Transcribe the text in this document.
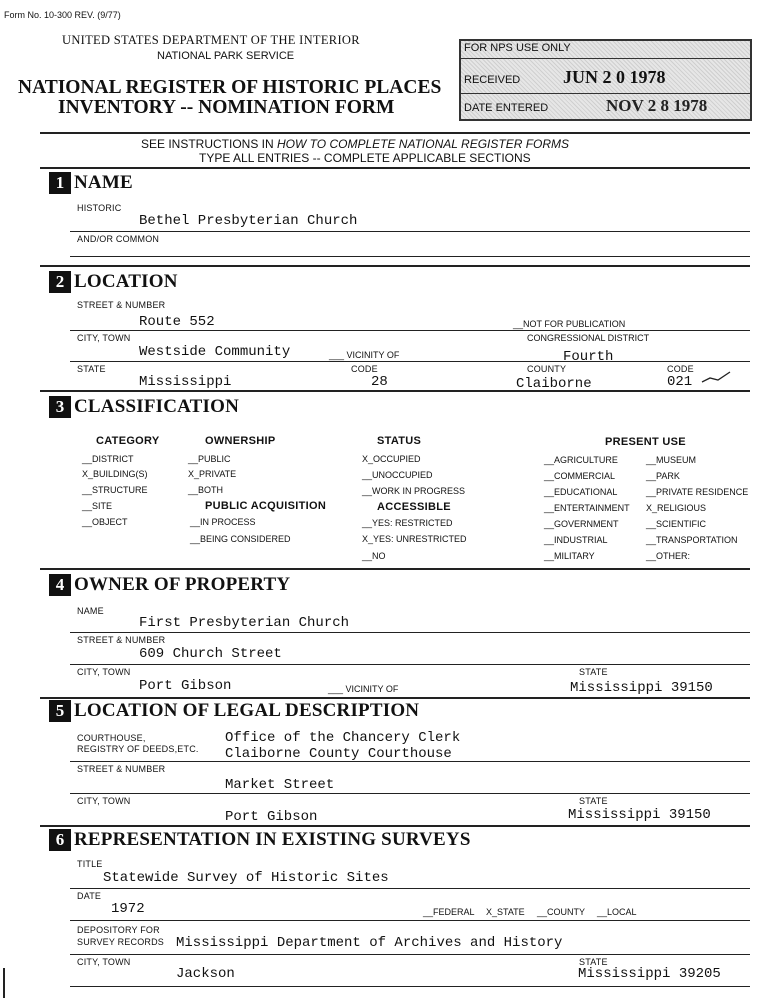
Form No. 10-300 REV. (9/77)
UNITED STATES DEPARTMENT OF THE INTERIOR
NATIONAL PARK SERVICE
NATIONAL REGISTER OF HISTORIC PLACES
INVENTORY -- NOMINATION FORM
FOR NPS USE ONLY
RECEIVED JUN 2 0 1978
DATE ENTERED	NOV 2 8 1978
SEE INSTRUCTIONS IN HOW TO COMPLETE NATIONAL REGISTER FORMS
TYPE ALL ENTRIES -- COMPLETE APPLICABLE SECTIONS
1 NAME
HISTORIC
Bethel Presbyterian Church
AND/OR COMMON
2 LOCATION
STREET & NUMBER
Route 552	__NOT FOR PUBLICATION
CITY, TOWN	CONGRESSIONAL DISTRICT
Westside Community	___ VICINITY OF	Fourth
STATE	CODE	COUNTY	CODE
Mississippi	28	Claiborne	021
3 CLASSIFICATION
CATEGORY
__DISTRICT
X_BUILDING(S)
__STRUCTURE
__SITE
__OBJECT
OWNERSHIP
__PUBLIC
X_PRIVATE
__BOTH
PUBLIC ACQUISITION
__IN PROCESS
__BEING CONSIDERED
STATUS
X_OCCUPIED
__UNOCCUPIED
__WORK IN PROGRESS
ACCESSIBLE
__YES: RESTRICTED
X_YES: UNRESTRICTED
__NO
PRESENT USE
__AGRICULTURE
__COMMERCIAL
__EDUCATIONAL
__ENTERTAINMENT
__GOVERNMENT
__INDUSTRIAL
__MILITARY
__MUSEUM
__PARK
__PRIVATE RESIDENCE
X_RELIGIOUS
__SCIENTIFIC
__TRANSPORTATION
__OTHER:
4 OWNER OF PROPERTY
NAME
First Presbyterian Church
STREET & NUMBER
609 Church Street
CITY, TOWN	STATE
Port Gibson	___ VICINITY OF	Mississippi 39150
5 LOCATION OF LEGAL DESCRIPTION
COURTHOUSE,
REGISTRY OF DEEDS,ETC.
Office of the Chancery Clerk
Claiborne County Courthouse
STREET & NUMBER
Market Street
CITY, TOWN	STATE
Port Gibson	Mississippi 39150
6 REPRESENTATION IN EXISTING SURVEYS
TITLE
Statewide Survey of Historic Sites
DATE
1972	__FEDERAL X_STATE __COUNTY __LOCAL
DEPOSITORY FOR
SURVEY RECORDS Mississippi Department of Archives and History
CITY, TOWN	STATE
Jackson	Mississippi 39205
